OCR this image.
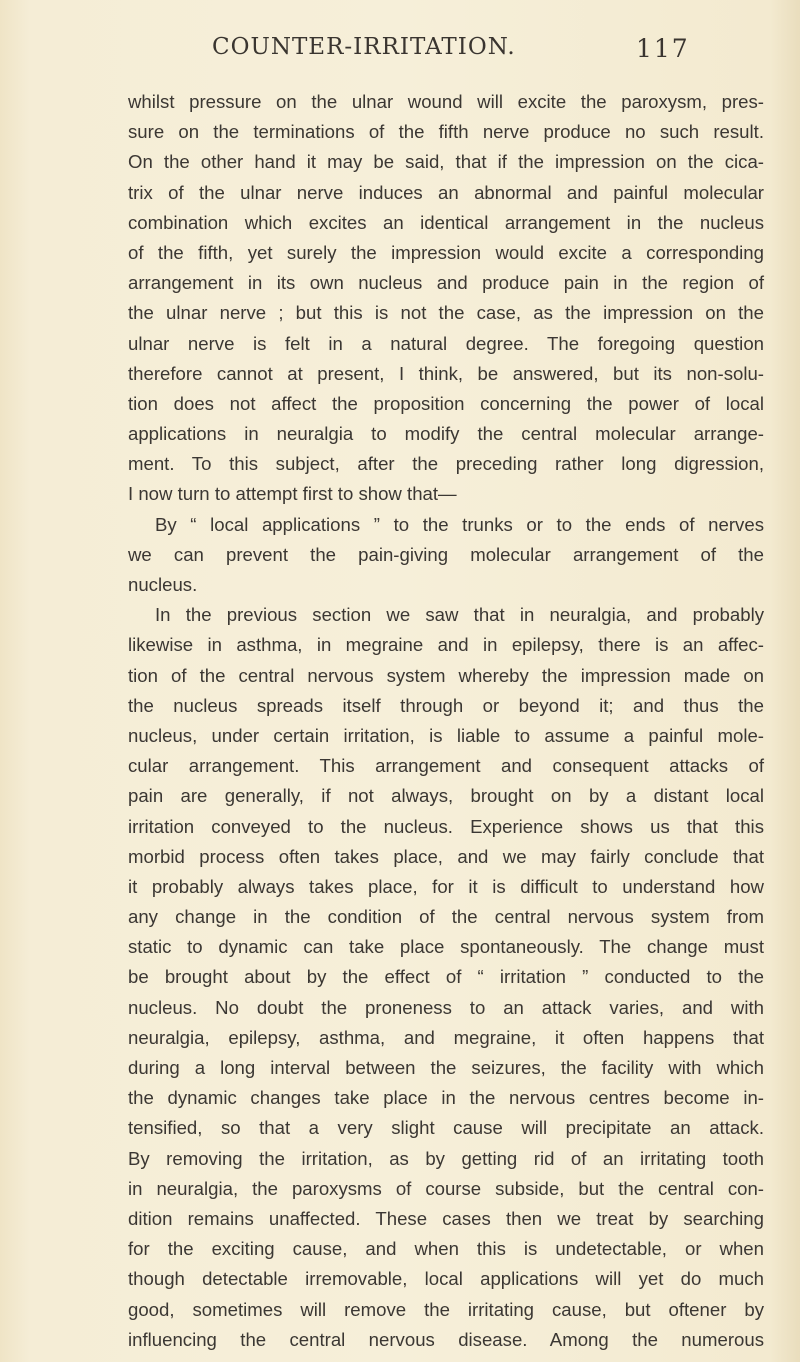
COUNTER-IRRITATION.	117
whilst pressure on the ulnar wound will excite the paroxysm, pres-
sure on the terminations of the fifth nerve produce no such result.
On the other hand it may be said, that if the impression on the cica-
trix of the ulnar nerve induces an abnormal and painful molecular
combination which excites an identical arrangement in the nucleus
of the fifth, yet surely the impression would excite a corresponding
arrangement in its own nucleus and produce pain in the region of
the ulnar nerve ; but this is not the case, as the impression on the
ulnar nerve is felt in a natural degree. The foregoing question
therefore cannot at present, I think, be answered, but its non-solu-
tion does not affect the proposition concerning the power of local
applications in neuralgia to modify the central molecular arrange-
ment. To this subject, after the preceding rather long digression,
I now turn to attempt first to show that—
By “ local applications ” to the trunks or to the ends of nerves
we can prevent the pain-giving molecular arrangement of the
nucleus.
In the previous section we saw that in neuralgia, and probably
likewise in asthma, in megraine and in epilepsy, there is an affec-
tion of the central nervous system whereby the impression made on
the nucleus spreads itself through or beyond it; and thus the
nucleus, under certain irritation, is liable to assume a painful mole-
cular arrangement. This arrangement and consequent attacks of
pain are generally, if not always, brought on by a distant local
irritation conveyed to the nucleus. Experience shows us that this
morbid process often takes place, and we may fairly conclude that
it probably always takes place, for it is difficult to understand how
any change in the condition of the central nervous system from
static to dynamic can take place spontaneously. The change must
be brought about by the effect of “ irritation ” conducted to the
nucleus. No doubt the proneness to an attack varies, and with
neuralgia, epilepsy, asthma, and megraine, it often happens that
during a long interval between the seizures, the facility with which
the dynamic changes take place in the nervous centres become in-
tensified, so that a very slight cause will precipitate an attack.
By removing the irritation, as by getting rid of an irritating tooth
in neuralgia, the paroxysms of course subside, but the central con-
dition remains unaffected. These cases then we treat by searching
for the exciting cause, and when this is undetectable, or when
though detectable irremovable, local applications will yet do much
good, sometimes will remove the irritating cause, but oftener by
influencing the central nervous disease. Among the numerous
